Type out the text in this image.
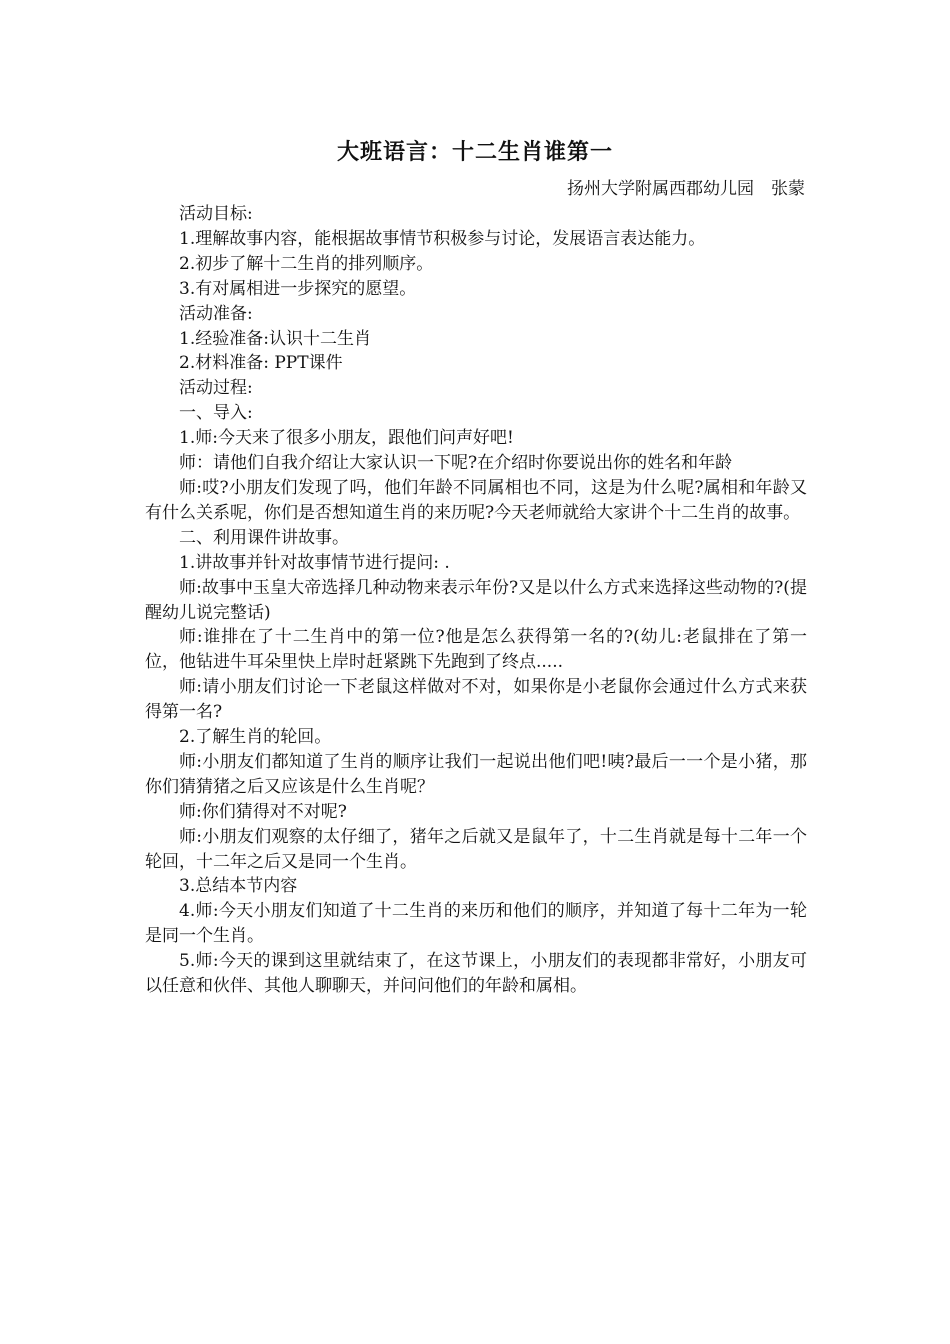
大班语言：十二生肖谁第一
扬州大学附属西郡幼儿园　张蒙

活动目标:

1.理解故事内容，能根据故事情节积极参与讨论，发展语言表达能力。

2.初步了解十二生肖的排列顺序。

3.有对属相进一步探究的愿望。

活动准备:

1.经验准备:认识十二生肖

2.材料准备: PPT课件

活动过程:

一、导入:

1.师:今天来了很多小朋友，跟他们问声好吧!

师：请他们自我介绍让大家认识一下呢?在介绍时你要说出你的姓名和年龄

师:哎?小朋友们发现了吗，他们年龄不同属相也不同，这是为什么呢?属相和年龄又有什么关系呢，你们是否想知道生肖的来历呢?今天老师就给大家讲个十二生肖的故事。

二、利用课件讲故事。

1.讲故事并针对故事情节进行提问: .

师:故事中玉皇大帝选择几种动物来表示年份?又是以什么方式来选择这些动物的?(提醒幼儿说完整话)

师:谁排在了十二生肖中的第一位?他是怎么获得第一名的?(幼儿:老鼠排在了第一位，他钻进牛耳朵里快上岸时赶紧跳下先跑到了终点.....

师:请小朋友们讨论一下老鼠这样做对不对，如果你是小老鼠你会通过什么方式来获得第一名?

2.了解生肖的轮回。

师:小朋友们都知道了生肖的顺序让我们一起说出他们吧!咦?最后一一个是小猪，那你们猜猜猪之后又应该是什么生肖呢？

师:你们猜得对不对呢?

师:小朋友们观察的太仔细了，猪年之后就又是鼠年了，十二生肖就是每十二年一个轮回，十二年之后又是同一个生肖。

3.总结本节内容

4.师:今天小朋友们知道了十二生肖的来历和他们的顺序，并知道了每十二年为一轮是同一个生肖。

5.师:今天的课到这里就结束了，在这节课上，小朋友们的表现都非常好，小朋友可以任意和伙伴、其他人聊聊天，并问问他们的年龄和属相。
